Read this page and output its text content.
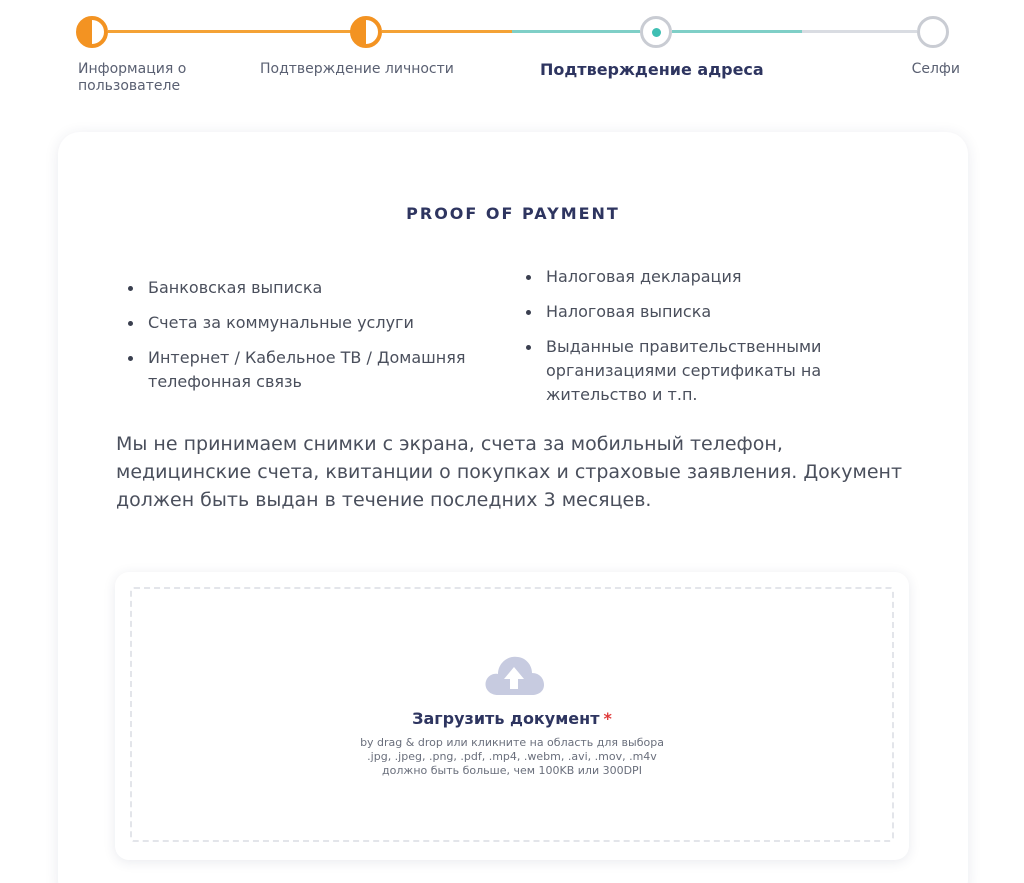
Информация о пользователе
Подтверждение личности	Подтверждение адреса	Селфи
PROOF OF PAYMENT
Банковская выписка
Счета за коммунальные услуги
Интернет / Кабельное ТВ / Домашняя телефонная связь
Налоговая декларация
Налоговая выписка
Выданные правительственными организациями сертификаты на жительство и т.п.

Мы не принимаем снимки с экрана, счета за мобильный телефон, медицинские счета, квитанции о покупках и страховые заявления. Документ должен быть выдан в течение последних 3 месяцев.

Загрузить документ *
by drag & drop или кликните на область для выбора
.jpg, .jpeg, .png, .pdf, .mp4, .webm, .avi, .mov, .m4v
должно быть больше, чем 100KB или 300DPI
